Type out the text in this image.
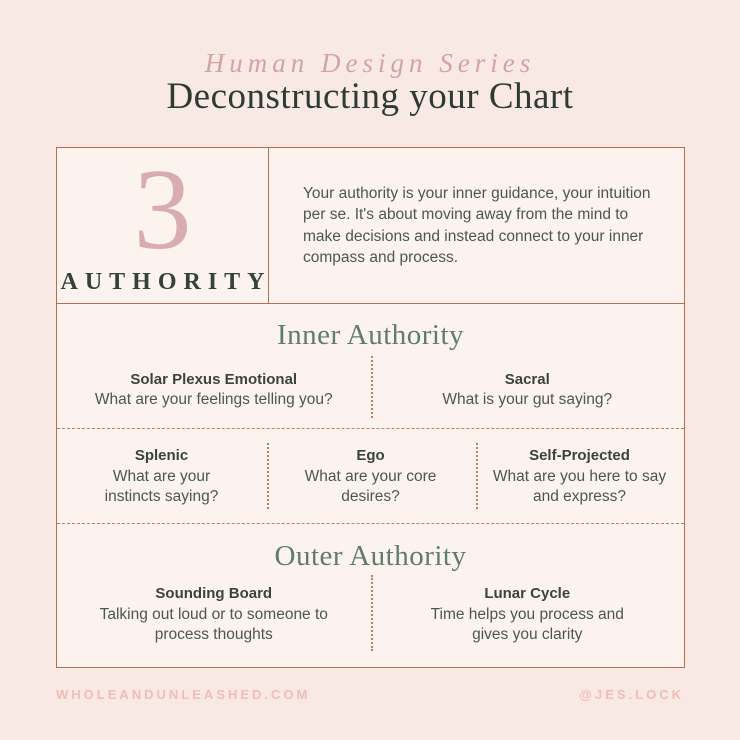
Human Design Series
Deconstructing your Chart
3
AUTHORITY

Your authority is your inner guidance, your intuition per se. It's about moving away from the mind to make decisions and instead connect to your inner compass and process.

Inner Authority
Solar Plexus Emotional
What are your feelings telling you?
Sacral
What is your gut saying?
Splenic
What are your instincts saying?
Ego
What are your core desires?
Self-Projected
What are you here to say and express?
Outer Authority
Sounding Board
Talking out loud or to someone to process thoughts
Lunar Cycle
Time helps you process and gives you clarity
WHOLEANDUNLEASHED.COM	@JES.LOCK
